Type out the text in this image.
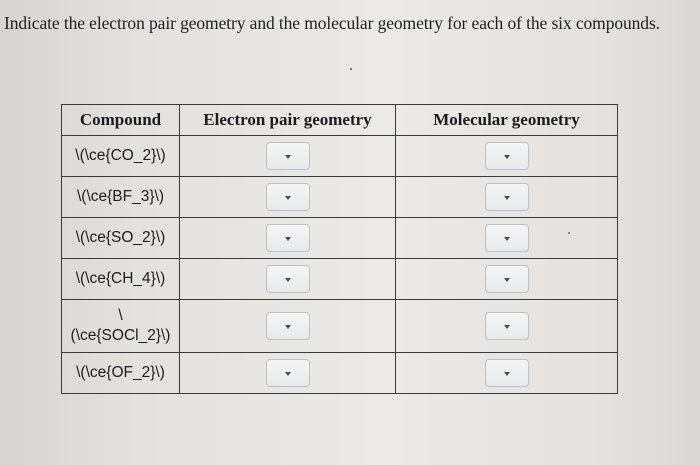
Indicate the electron pair geometry and the molecular geometry for each of the six compounds.
Compound	Electron pair geometry	Molecular geometry
\(\ce{CO_2}\)	

\(\ce{BF_3}\)	

\(\ce{SO_2}\)	

\(\ce{CH_4}\)	

\
(\ce{SOCl_2}\)		

\(\ce{OF_2}\)	
